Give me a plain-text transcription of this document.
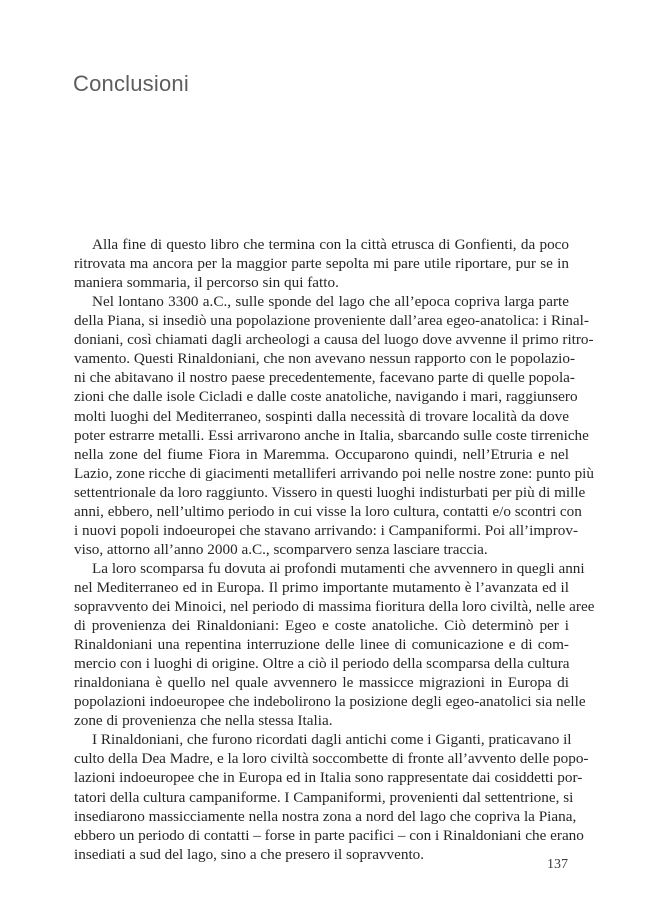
Conclusioni
Alla fine di questo libro che termina con la città etrusca di Gonfienti, da poco
ritrovata ma ancora per la maggior parte sepolta mi pare utile riportare, pur se in
maniera sommaria, il percorso sin qui fatto.
Nel lontano 3300 a.C., sulle sponde del lago che all’epoca copriva larga parte
della Piana, si insediò una popolazione proveniente dall’area egeo-anatolica: i Rinal-
doniani, così chiamati dagli archeologi a causa del luogo dove avvenne il primo ritro-
vamento. Questi Rinaldoniani, che non avevano nessun rapporto con le popolazio-
ni che abitavano il nostro paese precedentemente, facevano parte di quelle popola-
zioni che dalle isole Cicladi e dalle coste anatoliche, navigando i mari, raggiunsero
molti luoghi del Mediterraneo, sospinti dalla necessità di trovare località da dove
poter estrarre metalli. Essi arrivarono anche in Italia, sbarcando sulle coste tirreniche
nella zone del fiume Fiora in Maremma. Occuparono quindi, nell’Etruria e nel
Lazio, zone ricche di giacimenti metalliferi arrivando poi nelle nostre zone: punto più
settentrionale da loro raggiunto. Vissero in questi luoghi indisturbati per più di mille
anni, ebbero, nell’ultimo periodo in cui visse la loro cultura, contatti e/o scontri con
i nuovi popoli indoeuropei che stavano arrivando: i Campaniformi. Poi all’improv-
viso, attorno all’anno 2000 a.C., scomparvero senza lasciare traccia.
La loro scomparsa fu dovuta ai profondi mutamenti che avvennero in quegli anni
nel Mediterraneo ed in Europa. Il primo importante mutamento è l’avanzata ed il
sopravvento dei Minoici, nel periodo di massima fioritura della loro civiltà, nelle aree
di provenienza dei Rinaldoniani: Egeo e coste anatoliche. Ciò determinò per i
Rinaldoniani una repentina interruzione delle linee di comunicazione e di com-
mercio con i luoghi di origine. Oltre a ciò il periodo della scomparsa della cultura
rinaldoniana è quello nel quale avvennero le massicce migrazioni in Europa di
popolazioni indoeuropee che indebolirono la posizione degli egeo-anatolici sia nelle
zone di provenienza che nella stessa Italia.
I Rinaldoniani, che furono ricordati dagli antichi come i Giganti, praticavano il
culto della Dea Madre, e la loro civiltà soccombette di fronte all’avvento delle popo-
lazioni indoeuropee che in Europa ed in Italia sono rappresentate dai cosiddetti por-
tatori della cultura campaniforme. I Campaniformi, provenienti dal settentrione, si
insediarono massicciamente nella nostra zona a nord del lago che copriva la Piana,
ebbero un periodo di contatti – forse in parte pacifici – con i Rinaldoniani che erano
insediati a sud del lago, sino a che presero il sopravvento.

137
